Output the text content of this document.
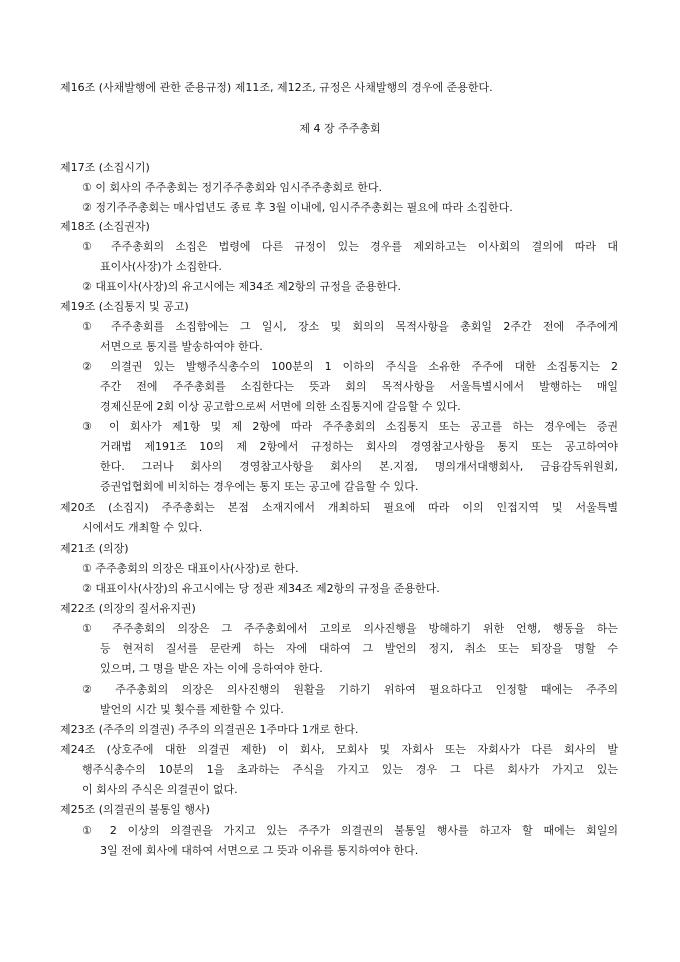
제16조 (사채발행에 관한 준용규정) 제11조, 제12조, 규정은 사채발행의 경우에 준용한다.
제 4 장 주주총회
제17조 (소집시기)
① 이 회사의 주주총회는 정기주주총회와 임시주주총회로 한다.
② 정기주주총회는 매사업년도 종료 후 3월 이내에, 임시주주총회는 필요에 따라 소집한다.
제18조 (소집권자)
① 주주총회의 소집은 법령에 다른 규정이 있는 경우를 제외하고는 이사회의 결의에 따라 대
표이사(사장)가 소집한다.
② 대표이사(사장)의 유고시에는 제34조 제2항의 규정을 준용한다.
제19조 (소집통지 및 공고)
① 주주총회를 소집함에는 그 일시, 장소 및 회의의 목적사항을 총회일 2주간 전에 주주에게
서면으로 통지를 발송하여야 한다.
② 의결권 있는 발행주식총수의 100분의 1 이하의 주식을 소유한 주주에 대한 소집통지는 2
주간 전에 주주총회를 소집한다는 뜻과 회의 목적사항을 서울특별시에서 발행하는 매일
경제신문에 2회 이상 공고함으로써 서면에 의한 소집통지에 갈음할 수 있다.
③ 이 회사가 제1항 및 제 2항에 따라 주주총회의 소집통지 또는 공고를 하는 경우에는 증권
거래법 제191조 10의 제 2항에서 규정하는 회사의 경영참고사항을 통지 또는 공고하여야
한다. 그러나 회사의 경영참고사항을 회사의 본.지점, 명의개서대행회사, 금융감독위원회,
증권업협회에 비치하는 경우에는 통지 또는 공고에 갈음할 수 있다.
제20조 (소집지) 주주총회는 본점 소재지에서 개최하되 필요에 따라 이의 인접지역 및 서울특별
시에서도 개최할 수 있다.
제21조 (의장)
① 주주총회의 의장은 대표이사(사장)로 한다.
② 대표이사(사장)의 유고시에는 당 정관 제34조 제2항의 규정을 준용한다.
제22조 (의장의 질서유지권)
① 주주총회의 의장은 그 주주총회에서 고의로 의사진행을 방해하기 위한 언행, 행동을 하는
등 현저히 질서를 문란케 하는 자에 대하여 그 발언의 정지, 취소 또는 퇴장을 명할 수
있으며, 그 명을 받은 자는 이에 응하여야 한다.
② 주주총회의 의장은 의사진행의 원활을 기하기 위하여 필요하다고 인정할 때에는 주주의
발언의 시간 및 횟수를 제한할 수 있다.
제23조 (주주의 의결권) 주주의 의결권은 1주마다 1개로 한다.
제24조 (상호주에 대한 의결권 제한) 이 회사, 모회사 및 자회사 또는 자회사가 다른 회사의 발
행주식총수의 10분의 1을 초과하는 주식을 가지고 있는 경우 그 다른 회사가 가지고 있는
이 회사의 주식은 의결권이 없다.
제25조 (의결권의 불통일 행사)
① 2 이상의 의결권을 가지고 있는 주주가 의결권의 불통일 행사를 하고자 할 때에는 회일의
3일 전에 회사에 대하여 서면으로 그 뜻과 이유를 통지하여야 한다.
